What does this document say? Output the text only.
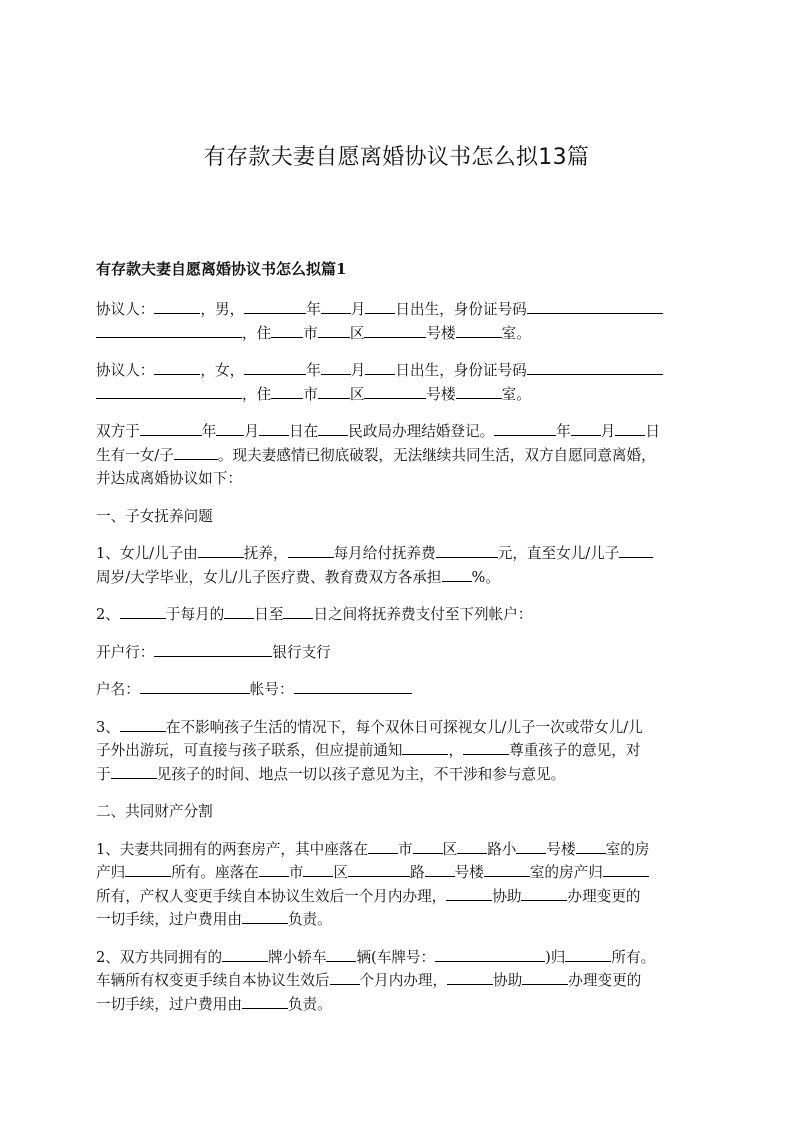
有存款夫妻自愿离婚协议书怎么拟13篇
有存款夫妻自愿离婚协议书怎么拟篇1

协议人：	，男，	年 月 日出生，身份证号码
，住 市 区	号楼	室。

协议人：	，女，	年 月 日出生，身份证号码
，住 市 区	号楼	室。

双方于	年 月 日在 民政局办理结婚登记。	年 月 日
生有一女/子	。现夫妻感情已彻底破裂，无法继续共同生活，双方自愿同意离婚，
并达成离婚协议如下：

一、子女抚养问题

1、女儿/儿子由	抚养，	每月给付抚养费	元，直至女儿/儿子
周岁/大学毕业，女儿/儿子医疗费、教育费双方各承担 %。

2、	于每月的 日至 日之间将抚养费支付至下列帐户：

开户行：	银行支行

户名：	帐号：

3、	在不影响孩子生活的情况下，每个双休日可探视女儿/儿子一次或带女儿/儿
子外出游玩，可直接与孩子联系，但应提前通知	，	尊重孩子的意见，对
于	见孩子的时间、地点一切以孩子意见为主，不干涉和参与意见。

二、共同财产分割

1、夫妻共同拥有的两套房产，其中座落在 市 区 路小 号楼 室的房
产归	所有。座落在 市 区	路 号楼	室的房产归
所有，产权人变更手续自本协议生效后一个月内办理，	协助	办理变更的
一切手续，过户费用由	负责。

2、双方共同拥有的	牌小轿车 辆(车牌号：	)归	所有。
车辆所有权变更手续自本协议生效后 个月内办理，	协助	办理变更的
一切手续，过户费用由	负责。
